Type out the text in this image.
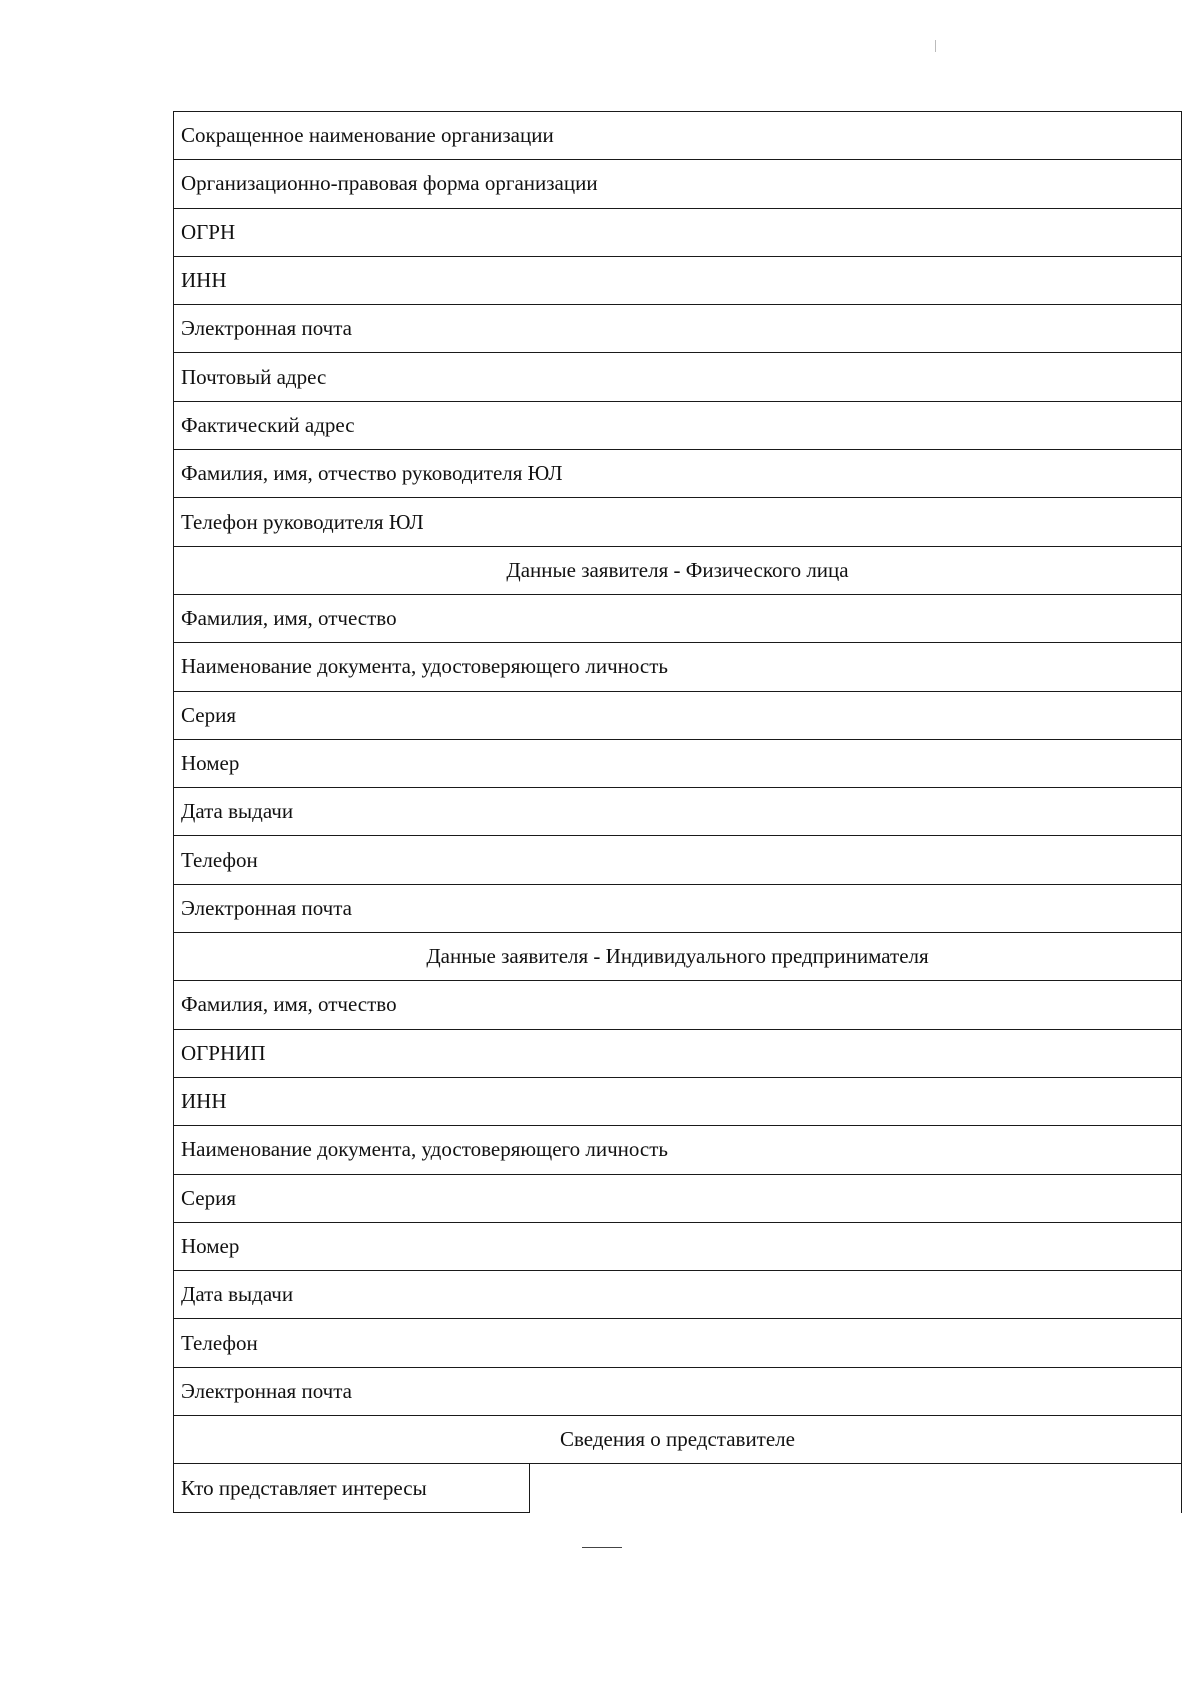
Сокращенное наименование организации
Организационно-правовая форма организации
ОГРН
ИНН
Электронная почта
Почтовый адрес
Фактический адрес
Фамилия, имя, отчество руководителя ЮЛ
Телефон руководителя ЮЛ
Данные заявителя - Физического лица
Фамилия, имя, отчество
Наименование документа, удостоверяющего личность
Серия
Номер
Дата выдачи
Телефон
Электронная почта
Данные заявителя - Индивидуального предпринимателя
Фамилия, имя, отчество
ОГРНИП
ИНН
Наименование документа, удостоверяющего личность
Серия
Номер
Дата выдачи
Телефон
Электронная почта
Сведения о представителе
Кто представляет интересы
